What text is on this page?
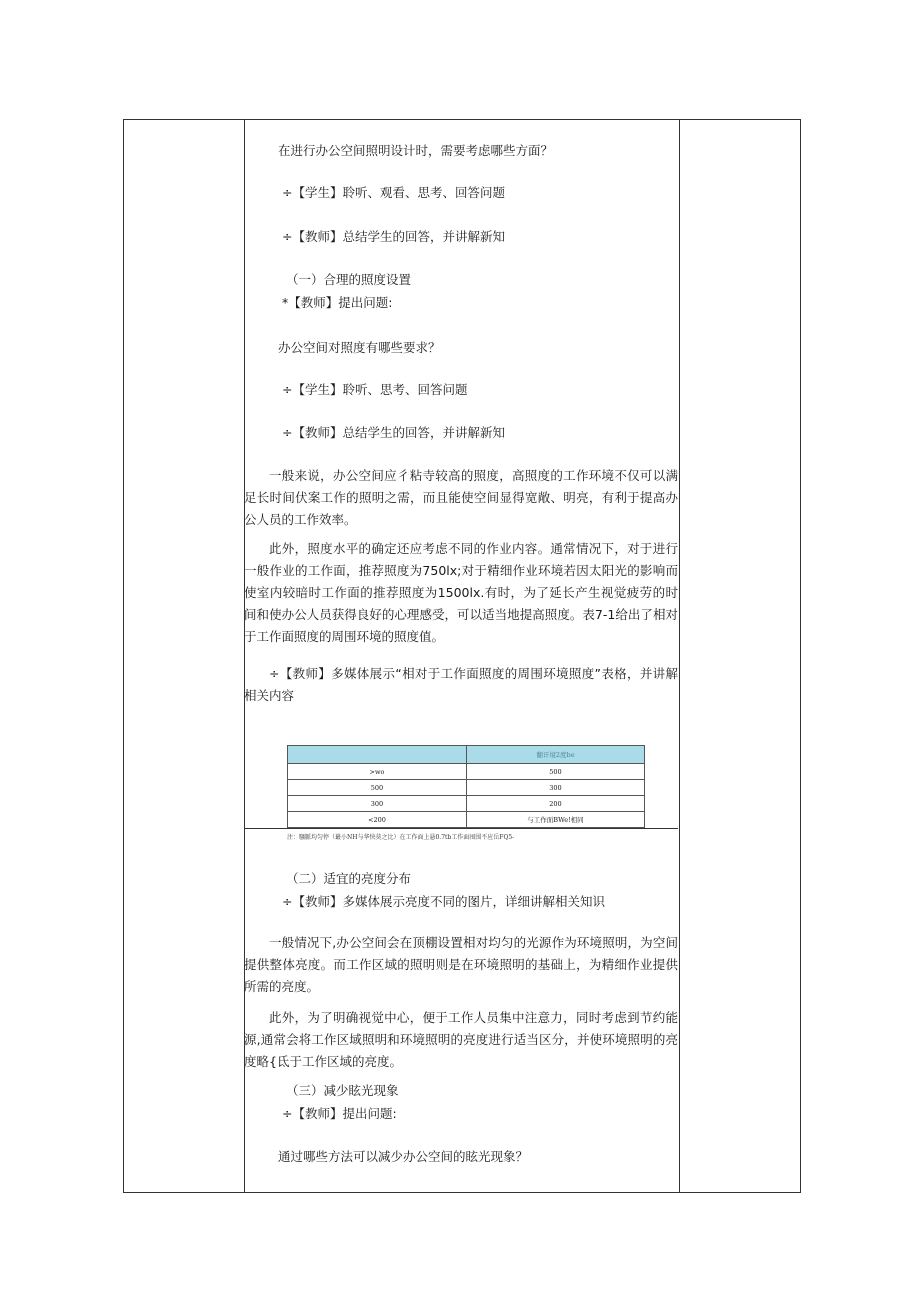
在进行办公空间照明设计时，需要考虑哪些方面？

÷【学生】聆听、观看、思考、回答问题

÷【教师】总结学生的回答，并讲解新知

（一）合理的照度设置

*【教师】提出问题:

办公空间对照度有哪些要求？

÷【学生】聆听、思考、回答问题

÷【教师】总结学生的回答，并讲解新知

一般来说，办公空间应彳粘寺较高的照度，高照度的工作环境不仅可以满足长时间伏案工作的照明之需，而且能使空间显得宽敞、明亮，有利于提高办公人员的工作效率。

此外，照度水平的确定还应考虑不同的作业内容。通常情况下，对于进行一般作业的工作面，推荐照度为750lx;对于精细作业环境若因太阳光的影响而使室内较暗时工作面的推荐照度为1500lx.有时，为了延长产生视觉疲劳的时间和使办公人员获得良好的心理感受，可以适当地提高照度。表7-1给出了相对于工作面照度的周围环境的照度值。

÷【教师】多媒体展示“相对于工作面照度的周围环境照度”表格，并讲解相关内容

（二）适宜的亮度分布

÷【教师】多媒体展示亮度不同的图片，详细讲解相关知识

一般情况下,办公空间会在顶棚设置相对均匀的光源作为环境照明，为空间提供整体亮度。而工作区域的照明则是在环境照明的基础上，为精细作业提供所需的亮度。

此外，为了明确视觉中心，便于工作人员集中注意力，同时考虑到节约能源,通常会将工作区域照明和环境照明的亮度进行适当区分，并使环境照明的亮度略{氐于工作区域的亮度。

（三）减少眩光现象

÷【教师】提出问题:

通过哪些方法可以减少办公空间的眩光现象？

	翻讦境2度be
>wo	500
500	300
300	200
<200	与工作面BWe!相同
注：騒脈均匀停（蕞小NH与华快莫之比）在工作面上悬0.7tb工作面囤围不应岳FQ5-
